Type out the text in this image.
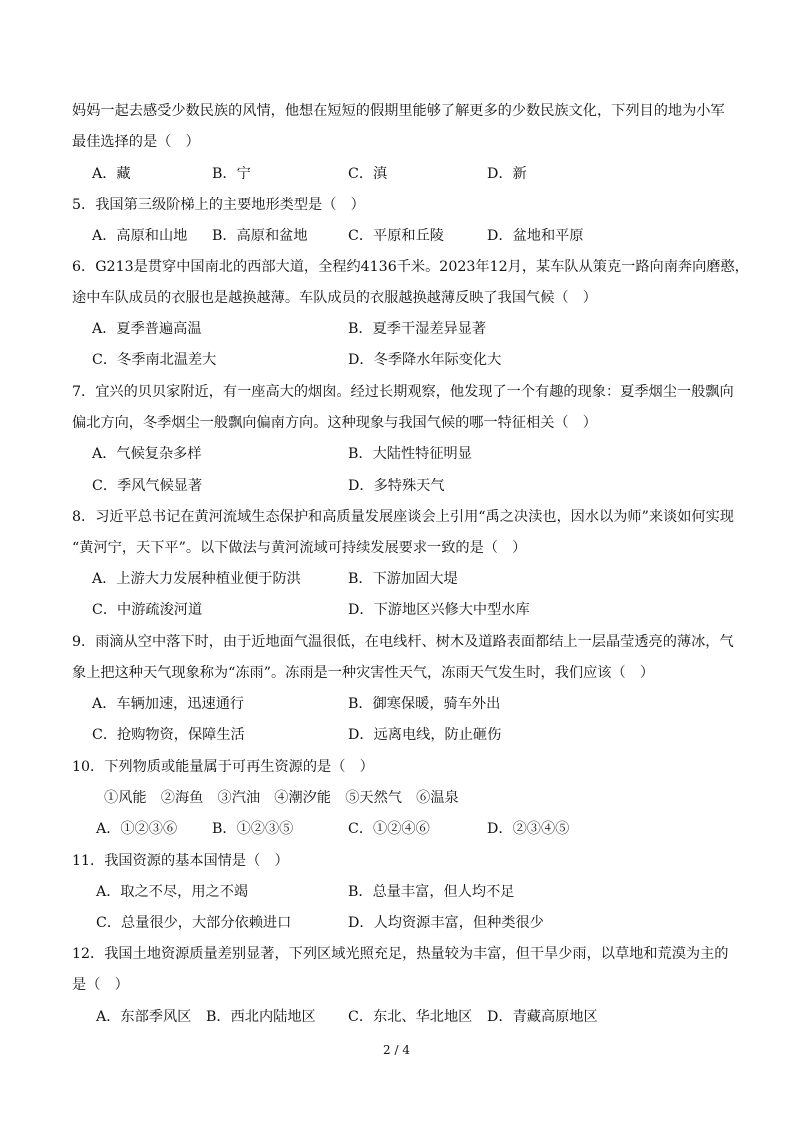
妈妈一起去感受少数民族的风情，他想在短短的假期里能够了解更多的少数民族文化，下列目的地为小军
最佳选择的是（　）
A．藏	B．宁	C．滇	D．新
5．我国第三级阶梯上的主要地形类型是（　）
A．高原和山地 B．高原和盆地	C．平原和丘陵	D．盆地和平原
6．G213是贯穿中国南北的西部大道，全程约4136千米。2023年12月，某车队从策克一路向南奔向磨憨，
途中车队成员的衣服也是越换越薄。车队成员的衣服越换越薄反映了我国气候（　）
A．夏季普遍高温	B．夏季干湿差异显著
C．冬季南北温差大	D．冬季降水年际变化大
7．宜兴的贝贝家附近，有一座高大的烟囱。经过长期观察，他发现了一个有趣的现象：夏季烟尘一般飘向
偏北方向，冬季烟尘一般飘向偏南方向。这种现象与我国气候的哪一特征相关（　）
A．气候复杂多样	B．大陆性特征明显
C．季风气候显著	D．多特殊天气
8．习近平总书记在黄河流域生态保护和高质量发展座谈会上引用“禹之决渎也，因水以为师”来谈如何实现
“黄河宁，天下平”。以下做法与黄河流域可持续发展要求一致的是（　）
A．上游大力发展种植业便于防洪	B．下游加固大堤
C．中游疏浚河道	D．下游地区兴修大中型水库
9．雨滴从空中落下时，由于近地面气温很低，在电线杆、树木及道路表面都结上一层晶莹透亮的薄冰，气
象上把这种天气现象称为“冻雨”。冻雨是一种灾害性天气，冻雨天气发生时，我们应该（　）
A．车辆加速，迅速通行	B．御寒保暖，骑车外出
C．抢购物资，保障生活	D．远离电线，防止砸伤
10．下列物质或能量属于可再生资源的是（　）
①风能　②海鱼　③汽油　④潮汐能　⑤天然气　⑥温泉
A．①②③⑥ B．①②③⑤	C．①②④⑥	D．②③④⑤
11．我国资源的基本国情是（　）
A．取之不尽，用之不竭	B．总量丰富，但人均不足
C．总量很少，大部分依赖进口	D．人均资源丰富，但种类很少
12．我国土地资源质量差别显著，下列区域光照充足，热量较为丰富，但干旱少雨，以草地和荒漠为主的
是（　）
A．东部季风区 B．西北内陆地区 C．东北、华北地区 D．青藏高原地区
2 / 4
